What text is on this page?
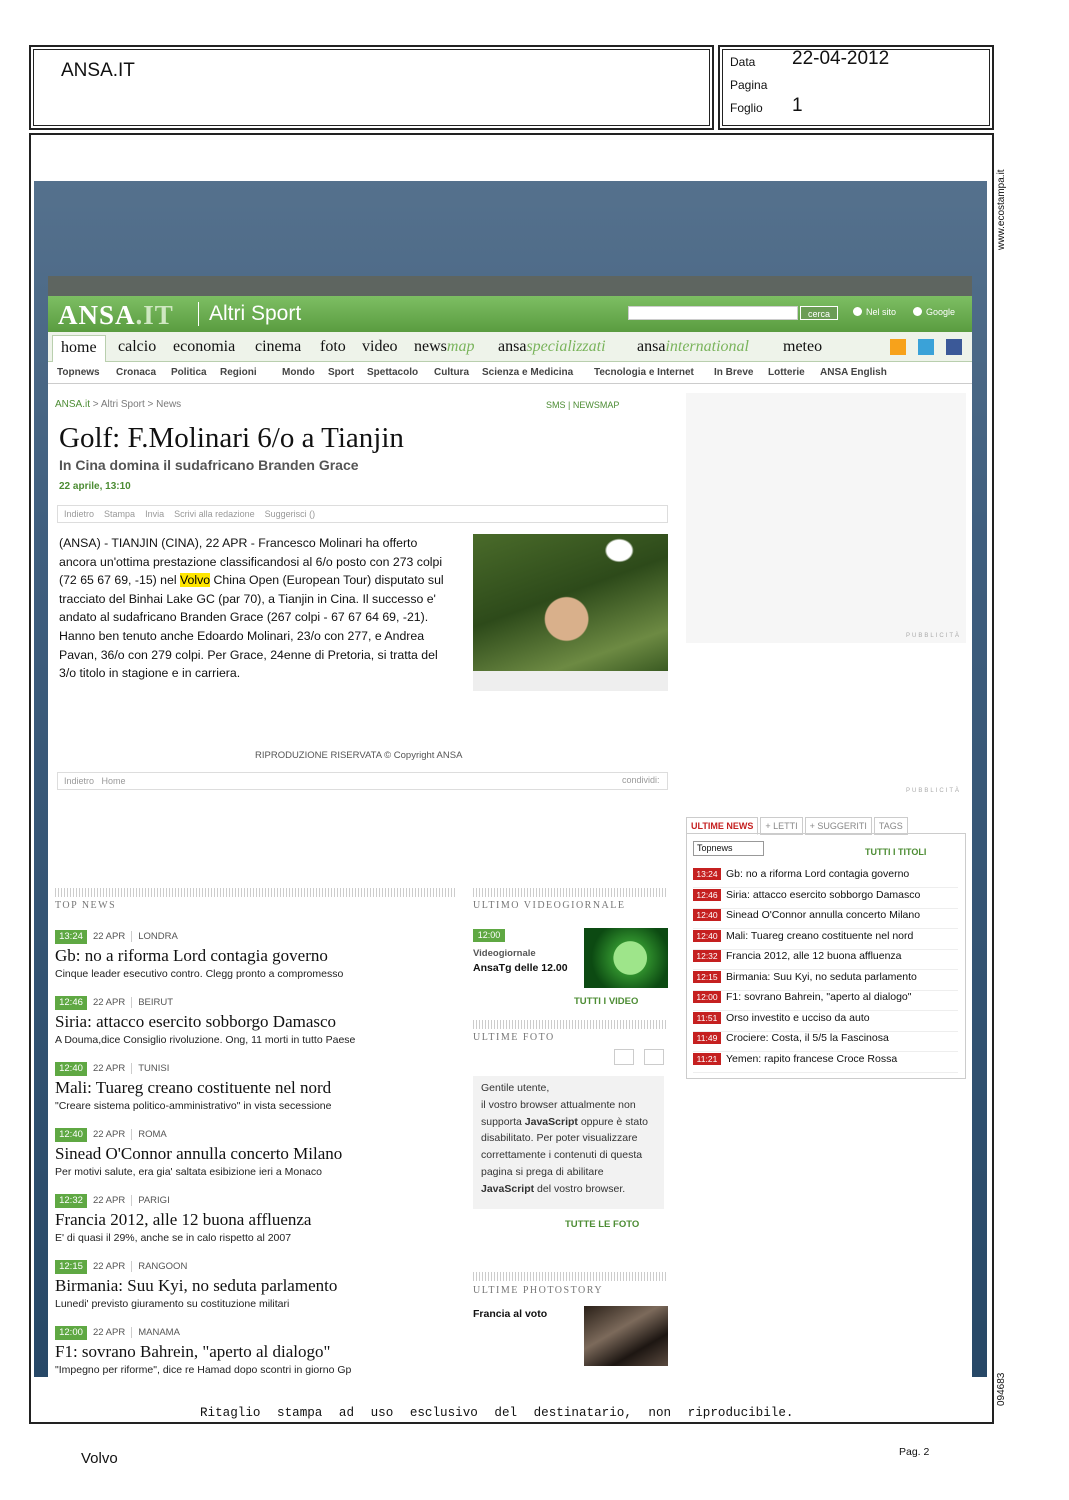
ANSA.IT	Data 22-04-2012
Pagina
Foglio 1
www.ecostampa.it
094683
ANSA.IT	Altri Sport	cerca	Nel sito	Google
home	calcio economia cinema foto video newsmap ansaspecializzati ansainternational meteo
Topnews Cronaca Politica Regioni	Mondo Sport Spettacolo Cultura Scienza e Medicina Tecnologia e Internet In Breve Lotterie ANSA English
ANSA.it > Altri Sport > News	SMS | NEWSMAP
Golf: F.Molinari 6/o a Tianjin
In Cina domina il sudafricano Branden Grace
22 aprile, 13:10
Indietro Stampa Invia Scrivi alla redazione Suggerisci ()
(ANSA) - TIANJIN (CINA), 22 APR - Francesco Molinari ha offerto ancora un'ottima prestazione classificandosi al 6/o posto con 273 colpi (72 65 67 69, -15) nel Volvo China Open (European Tour) disputato sul tracciato del Binhai Lake GC (par 70), a Tianjin in Cina. Il successo e' andato al sudafricano Branden Grace (267 colpi - 67 67 64 69, -21). Hanno ben tenuto anche Edoardo Molinari, 23/o con 277, e Andrea Pavan, 36/o con 279 colpi. Per Grace, 24enne di Pretoria, si tratta del 3/o titolo in stagione e in carriera.
RIPRODUZIONE RISERVATA © Copyright ANSA
Indietro Home	condividi:
PUBBLICITÀ
PUBBLICITÀ
ULTIME NEWS + LETTI + SUGGERITI TAGS
Topnews	TUTTI I TITOLI
13:24 Gb: no a riforma Lord contagia governo
12:46 Siria: attacco esercito sobborgo Damasco
12:40 Sinead O'Connor annulla concerto Milano
12:40 Mali: Tuareg creano costituente nel nord
12:32 Francia 2012, alle 12 buona affluenza
12:15 Birmania: Suu Kyi, no seduta parlamento
12:00 F1: sovrano Bahrein, "aperto al dialogo"
11:51 Orso investito e ucciso da auto
11:49 Crociere: Costa, il 5/5 la Fascinosa
11:21 Yemen: rapito francese Croce Rossa
TOP NEWS
13:24 22 APR LONDRA
Gb: no a riforma Lord contagia governo
Cinque leader esecutivo contro. Clegg pronto a compromesso
12:46 22 APR BEIRUT
Siria: attacco esercito sobborgo Damasco
A Douma,dice Consiglio rivoluzione. Ong, 11 morti in tutto Paese
12:40 22 APR TUNISI
Mali: Tuareg creano costituente nel nord
"Creare sistema politico-amministrativo" in vista secessione
12:40 22 APR ROMA
Sinead O'Connor annulla concerto Milano
Per motivi salute, era gia' saltata esibizione ieri a Monaco
12:32 22 APR PARIGI
Francia 2012, alle 12 buona affluenza
E' di quasi il 29%, anche se in calo rispetto al 2007
12:15 22 APR RANGOON
Birmania: Suu Kyi, no seduta parlamento
Lunedi' previsto giuramento su costituzione militari
12:00 22 APR MANAMA
F1: sovrano Bahrein, "aperto al dialogo"
"Impegno per riforme", dice re Hamad dopo scontri in giorno Gp
ULTIMO VIDEOGIORNALE
12:00
Videogiornale
AnsaTg delle 12.00
TUTTI I VIDEO
ULTIME FOTO
Gentile utente,
il vostro browser attualmente non supporta JavaScript oppure è stato disabilitato. Per poter visualizzare correttamente i contenuti di questa pagina si prega di abilitare JavaScript del vostro browser.
TUTTE LE FOTO
ULTIME PHOTOSTORY
Francia al voto
Ritaglio stampa ad uso esclusivo del destinatario, non riproducibile.
Volvo	Pag. 2
